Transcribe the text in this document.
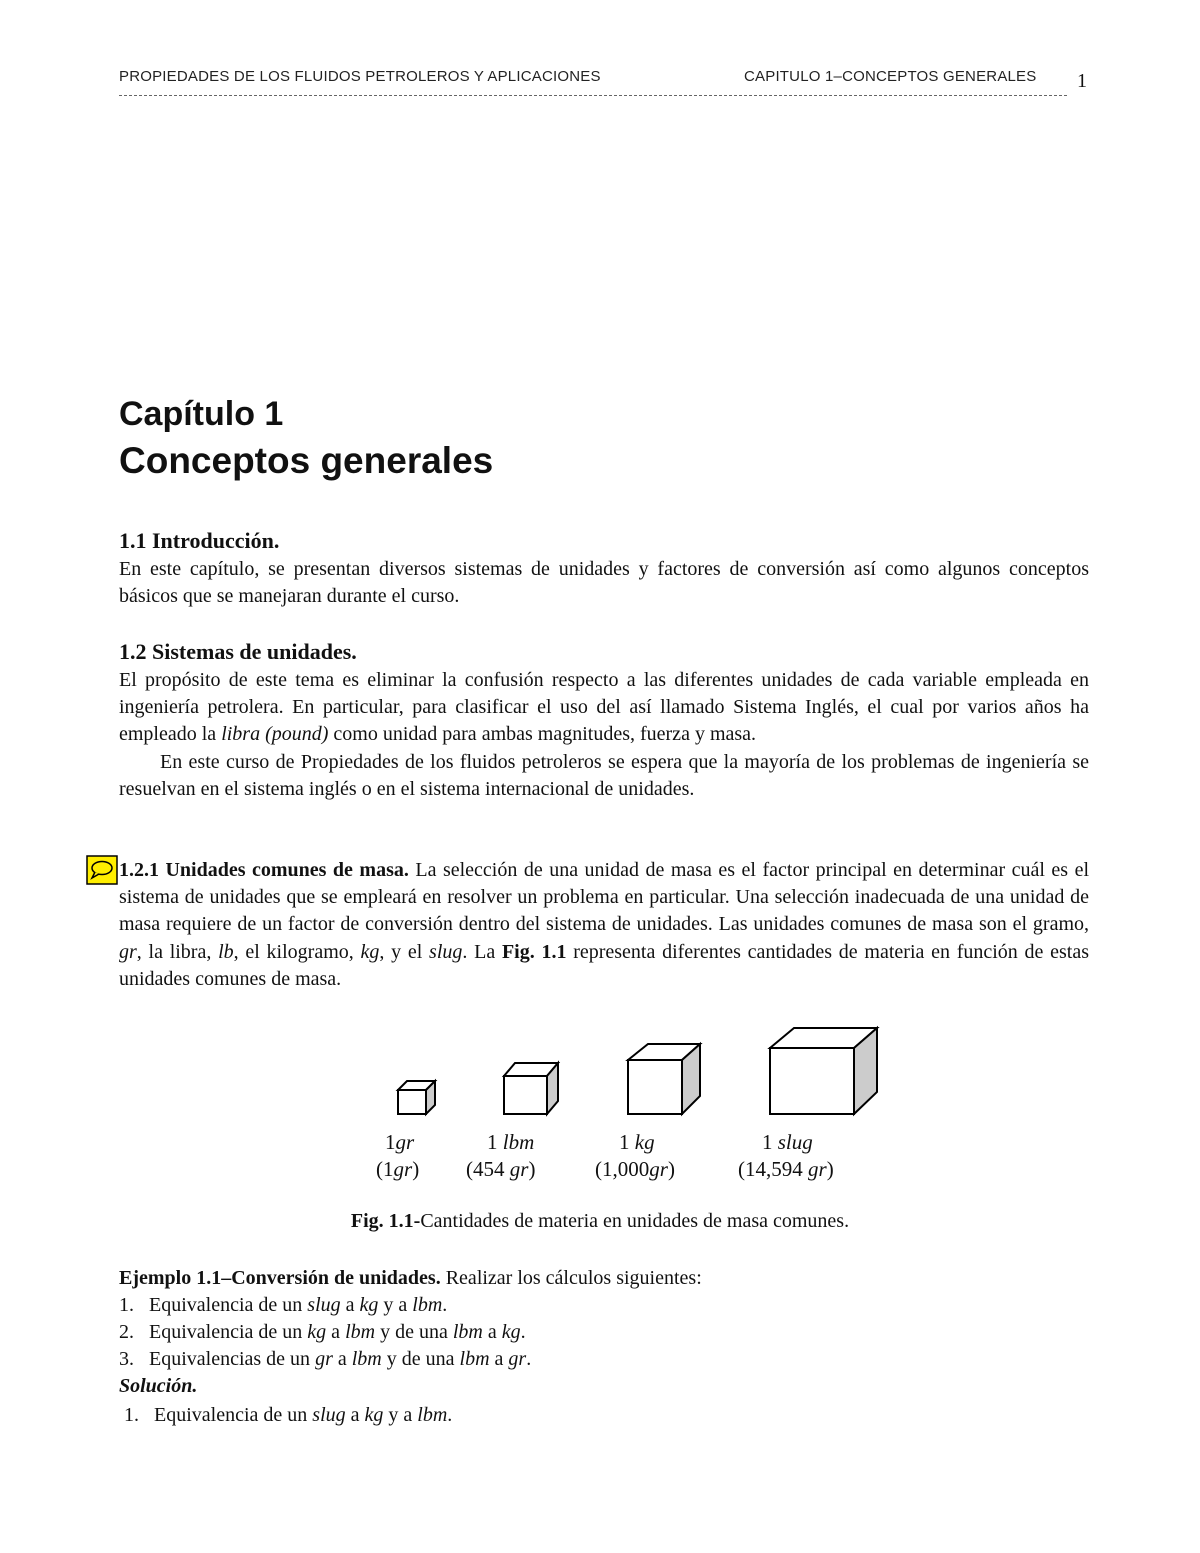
PROPIEDADES DE LOS FLUIDOS PETROLEROS Y APLICACIONES	CAPITULO 1–CONCEPTOS GENERALES 1
Capítulo 1
Conceptos generales
1.1 Introducción.

En este capítulo, se presentan diversos sistemas de unidades y factores de conversión así como algunos conceptos básicos que se manejaran durante el curso.

1.2 Sistemas de unidades.

El propósito de este tema es eliminar la confusión respecto a las diferentes unidades de cada variable empleada en ingeniería petrolera. En particular, para clasificar el uso del así llamado Sistema Inglés, el cual por varios años ha empleado la libra (pound) como unidad para ambas magnitudes, fuerza y masa.

En este curso de Propiedades de los fluidos petroleros se espera que la mayoría de los problemas de ingeniería se resuelvan en el sistema inglés o en el sistema internacional de unidades.

1.2.1 Unidades comunes de masa. La selección de una unidad de masa es el factor principal en determinar cuál es el sistema de unidades que se empleará en resolver un problema en particular. Una selección inadecuada de una unidad de masa requiere de un factor de conversión dentro del sistema de unidades. Las unidades comunes de masa son el gramo, gr, la libra, lb, el kilogramo, kg, y el slug. La Fig. 1.1 representa diferentes cantidades de materia en función de estas unidades comunes de masa.

1gr
(1gr)
1 lbm
(454 gr)
1 kg
(1,000gr)
1 slug
(14,594 gr)
Fig. 1.1-Cantidades de materia en unidades de masa comunes.
Ejemplo 1.1–Conversión de unidades. Realizar los cálculos siguientes:
1. Equivalencia de un slug a kg y a lbm.
2. Equivalencia de un kg a lbm y de una lbm a kg.
3. Equivalencias de un gr a lbm y de una lbm a gr.
Solución.
1. Equivalencia de un slug a kg y a lbm.
